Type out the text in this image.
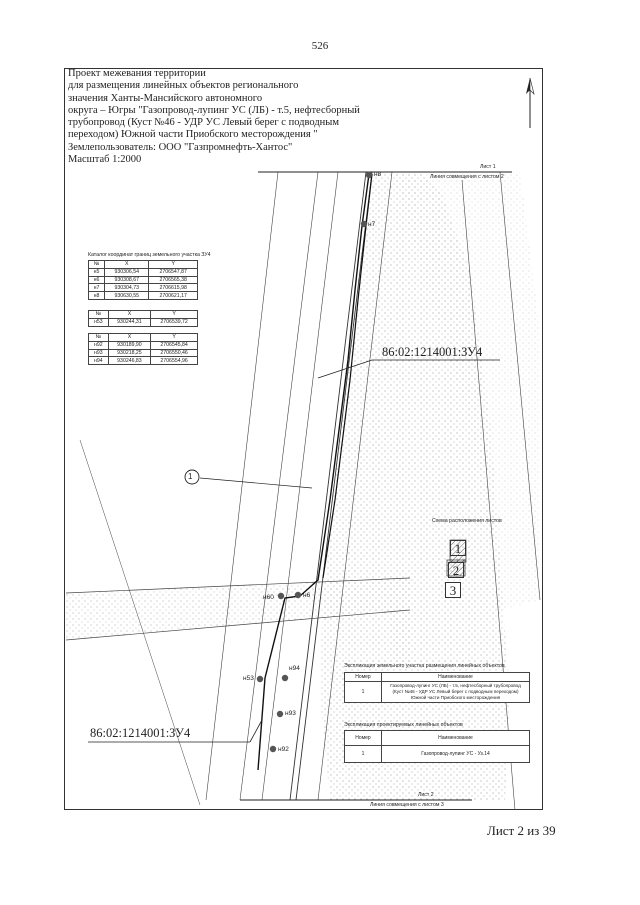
526
Проект межевания территории
для размещения линейных объектов регионального
значения Ханты-Мансийского автономного
округа – Югры "Газопровод-лупинг УС (ЛБ) - т.5, нефтесборный
трубопровод (Куст №46 - УДР УС Левый берег с подводным
переходом) Южной части Приобского месторождения "
Землепользователь: ООО "Газпромнефть-Хантос"
Масштаб 1:2000
1
Лист 1
Линия совмещения с листом 2
Лист 2
Линия совмещения с листом 3
86:02:1214001:ЗУ4
86:02:1214001:ЗУ4
н8
н7
н60	н6
н53
н94
н93
н92
Каталог координат границ земельного участка ЗУ4
№	X	Y
н5	930306,54	2706547,87
н6	930308,67	2706565,38
н7	930304,73	2706615,98
н8	930630,55	2700621,17
№	X	Y
н53	930244,31	2706539,72
№	X	Y
н92	930189,90	2706545,84
н93	930218,25	2706550,46
н94	930246,83	2706554,96
Схема расположения листов
1
2
3
Экспликация земельного участка размещения линейных объектов
Номер	Наименование
1	Газопровод-лупинг УС (ЛБ) - т.5, нефтесборный трубопровод (Куст №46 - УДР УС Левый берег с подводным переходом) Южной части Приобского месторождения
Экспликация проектируемых линейных объектов
Номер	Наименование
1	Газопровод-лупинг УС - Уз.14
Лист 2 из 39
